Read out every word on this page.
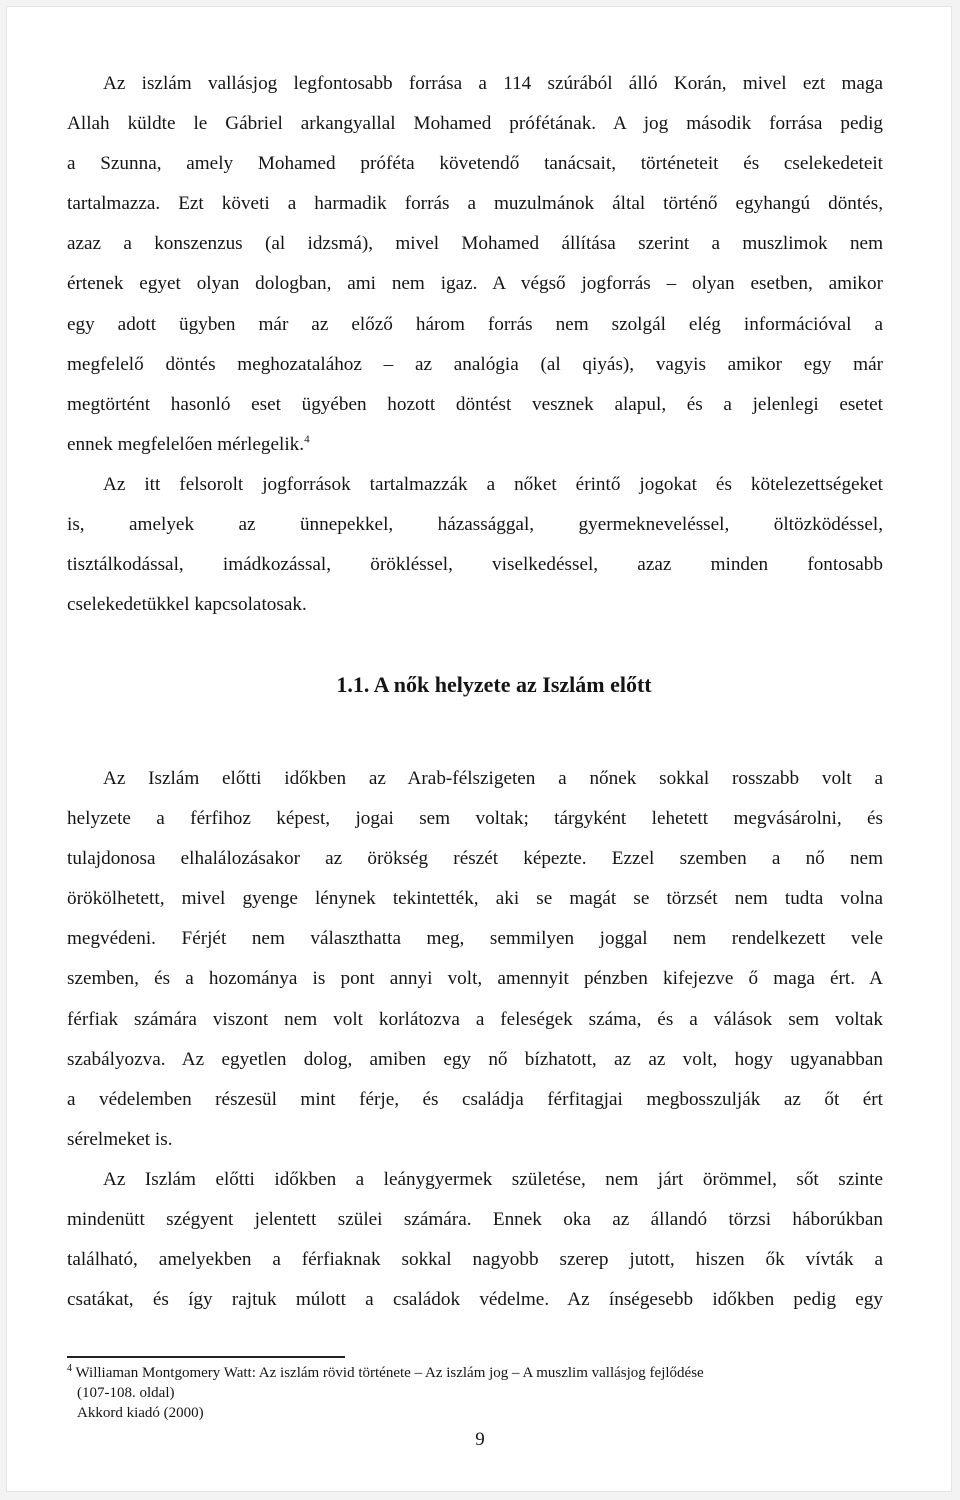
Az iszlám vallásjog legfontosabb forrása a 114 szúrából álló Korán, mivel ezt maga
Allah küldte le Gábriel arkangyallal Mohamed prófétának. A jog második forrása pedig
a Szunna, amely Mohamed próféta követendő tanácsait, történeteit és cselekedeteit
tartalmazza. Ezt követi a harmadik forrás a muzulmánok által történő egyhangú döntés,
azaz a konszenzus (al idzsmá), mivel Mohamed állítása szerint a muszlimok nem
értenek egyet olyan dologban, ami nem igaz. A végső jogforrás – olyan esetben, amikor
egy adott ügyben már az előző három forrás nem szolgál elég információval a
megfelelő döntés meghozatalához – az analógia (al qiyás), vagyis amikor egy már
megtörtént hasonló eset ügyében hozott döntést vesznek alapul, és a jelenlegi esetet
ennek megfelelően mérlegelik.$^4$
Az itt felsorolt jogforrások tartalmazzák a nőket érintő jogokat és kötelezettségeket
is, amelyek az ünnepekkel, házassággal, gyermekneveléssel, öltözködéssel,
tisztálkodással, imádkozással, örökléssel, viselkedéssel, azaz minden fontosabb
cselekedetükkel kapcsolatosak.
1.1. A nők helyzete az Iszlám előtt
Az Iszlám előtti időkben az Arab-félszigeten a nőnek sokkal rosszabb volt a
helyzete a férfihoz képest, jogai sem voltak; tárgyként lehetett megvásárolni, és
tulajdonosa elhalálozásakor az örökség részét képezte. Ezzel szemben a nő nem
örökölhetett, mivel gyenge lénynek tekintették, aki se magát se törzsét nem tudta volna
megvédeni. Férjét nem választhatta meg, semmilyen joggal nem rendelkezett vele
szemben, és a hozománya is pont annyi volt, amennyit pénzben kifejezve ő maga ért. A
férfiak számára viszont nem volt korlátozva a feleségek száma, és a válások sem voltak
szabályozva. Az egyetlen dolog, amiben egy nő bízhatott, az az volt, hogy ugyanabban
a védelemben részesül mint férje, és családja férfitagjai megbosszulják az őt ért
sérelmeket is.
Az Iszlám előtti időkben a leánygyermek születése, nem járt örömmel, sőt szinte
mindenütt szégyent jelentett szülei számára. Ennek oka az állandó törzsi háborúkban
található, amelyekben a férfiaknak sokkal nagyobb szerep jutott, hiszen ők vívták a
csatákat, és így rajtuk múlott a családok védelme. Az ínségesebb időkben pedig egy
$^4$ Williaman Montgomery Watt: Az iszlám rövid története – Az iszlám jog – A muszlim vallásjog fejlődése
(107-108. oldal)
Akkord kiadó (2000)
9
